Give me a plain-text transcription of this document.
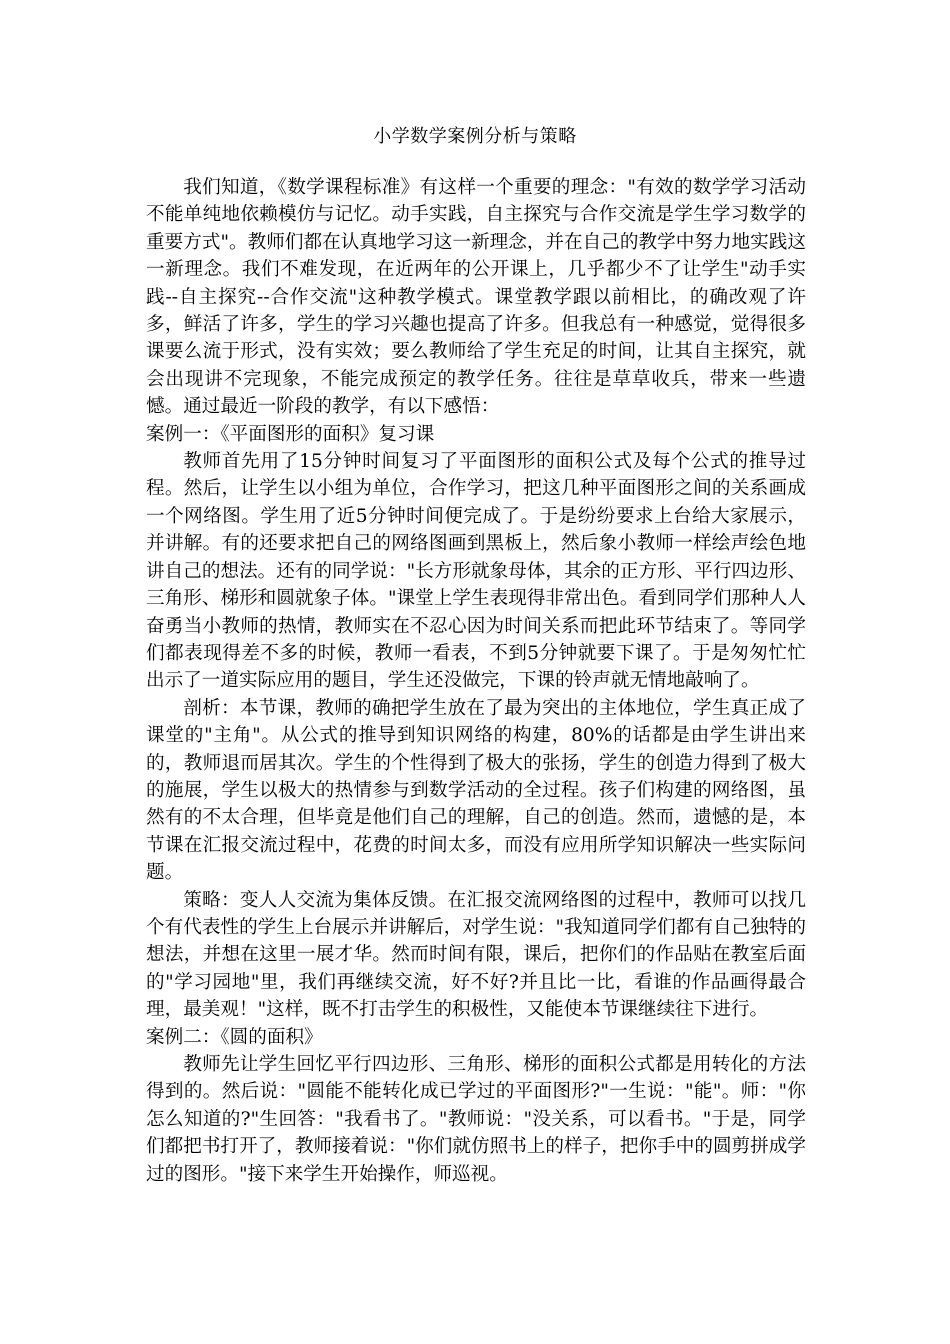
小学数学案例分析与策略

我们知道，《数学课程标准》有这样一个重要的理念："有效的数学学习活动不能单纯地依赖模仿与记忆。动手实践，自主探究与合作交流是学生学习数学的重要方式"。教师们都在认真地学习这一新理念，并在自己的教学中努力地实践这一新理念。我们不难发现，在近两年的公开课上，几乎都少不了让学生"动手实践--自主探究--合作交流"这种教学模式。课堂教学跟以前相比，的确改观了许多，鲜活了许多，学生的学习兴趣也提高了许多。但我总有一种感觉，觉得很多课要么流于形式，没有实效；要么教师给了学生充足的时间，让其自主探究，就会出现讲不完现象，不能完成预定的教学任务。往往是草草收兵，带来一些遗憾。通过最近一阶段的教学，有以下感悟：

案例一：《平面图形的面积》复习课

教师首先用了15分钟时间复习了平面图形的面积公式及每个公式的推导过程。然后，让学生以小组为单位，合作学习，把这几种平面图形之间的关系画成一个网络图。学生用了近5分钟时间便完成了。于是纷纷要求上台给大家展示，并讲解。有的还要求把自己的网络图画到黑板上，然后象小教师一样绘声绘色地讲自己的想法。还有的同学说："长方形就象母体，其余的正方形、平行四边形、三角形、梯形和圆就象子体。"课堂上学生表现得非常出色。看到同学们那种人人奋勇当小教师的热情，教师实在不忍心因为时间关系而把此环节结束了。等同学们都表现得差不多的时候，教师一看表，不到5分钟就要下课了。于是匆匆忙忙出示了一道实际应用的题目，学生还没做完，下课的铃声就无情地敲响了。

剖析：本节课，教师的确把学生放在了最为突出的主体地位，学生真正成了课堂的"主角"。从公式的推导到知识网络的构建，80%的话都是由学生讲出来的，教师退而居其次。学生的个性得到了极大的张扬，学生的创造力得到了极大的施展，学生以极大的热情参与到数学活动的全过程。孩子们构建的网络图，虽然有的不太合理，但毕竟是他们自己的理解，自己的创造。然而，遗憾的是，本节课在汇报交流过程中，花费的时间太多，而没有应用所学知识解决一些实际问题。

策略：变人人交流为集体反馈。在汇报交流网络图的过程中，教师可以找几个有代表性的学生上台展示并讲解后，对学生说："我知道同学们都有自己独特的想法，并想在这里一展才华。然而时间有限，课后，把你们的作品贴在教室后面的"学习园地"里，我们再继续交流，好不好?并且比一比，看谁的作品画得最合理，最美观！"这样，既不打击学生的积极性，又能使本节课继续往下进行。

案例二：《圆的面积》

教师先让学生回忆平行四边形、三角形、梯形的面积公式都是用转化的方法得到的。然后说："圆能不能转化成已学过的平面图形?"一生说："能"。师："你怎么知道的?"生回答："我看书了。"教师说："没关系，可以看书。"于是，同学们都把书打开了，教师接着说："你们就仿照书上的样子，把你手中的圆剪拼成学过的图形。"接下来学生开始操作，师巡视。
